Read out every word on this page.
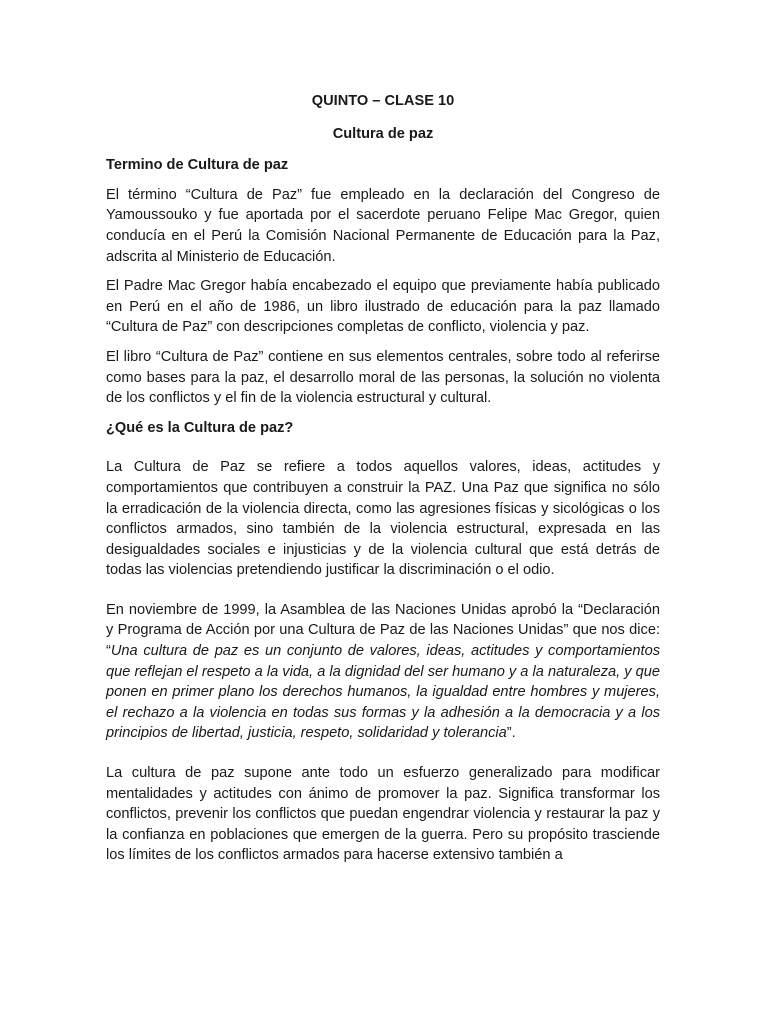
QUINTO – CLASE 10

Cultura de paz

Termino de Cultura de paz

El término “Cultura de Paz” fue empleado en la declaración del Congreso de Yamoussouko y fue aportada por el sacerdote peruano Felipe Mac Gregor, quien conducía en el Perú la Comisión Nacional Permanente de Educación para la Paz, adscrita al Ministerio de Educación.

El Padre Mac Gregor había encabezado el equipo que previamente había publicado en Perú en el año de 1986, un libro ilustrado de educación para la paz llamado “Cultura de Paz” con descripciones completas de conflicto, violencia y paz.

El libro “Cultura de Paz” contiene en sus elementos centrales, sobre todo al referirse como bases para la paz, el desarrollo moral de las personas, la solución no violenta de los conflictos y el fin de la violencia estructural y cultural.

¿Qué es la Cultura de paz?

La Cultura de Paz se refiere a todos aquellos valores, ideas, actitudes y comportamientos que contribuyen a construir la PAZ. Una Paz que significa no sólo la erradicación de la violencia directa, como las agresiones físicas y sicológicas o los conflictos armados, sino también de la violencia estructural, expresada en las desigualdades sociales e injusticias y de la violencia cultural que está detrás de todas las violencias pretendiendo justificar la discriminación o el odio.

En noviembre de 1999, la Asamblea de las Naciones Unidas aprobó la “Declaración y Programa de Acción por una Cultura de Paz de las Naciones Unidas” que nos dice: “Una cultura de paz es un conjunto de valores, ideas, actitudes y comportamientos que reflejan el respeto a la vida, a la dignidad del ser humano y a la naturaleza, y que ponen en primer plano los derechos humanos, la igualdad entre hombres y mujeres, el rechazo a la violencia en todas sus formas y la adhesión a la democracia y a los principios de libertad, justicia, respeto, solidaridad y tolerancia”.

La cultura de paz supone ante todo un esfuerzo generalizado para modificar mentalidades y actitudes con ánimo de promover la paz. Significa transformar los conflictos, prevenir los conflictos que puedan engendrar violencia y restaurar la paz y la confianza en poblaciones que emergen de la guerra. Pero su propósito trasciende los límites de los conflictos armados para hacerse extensivo también a
